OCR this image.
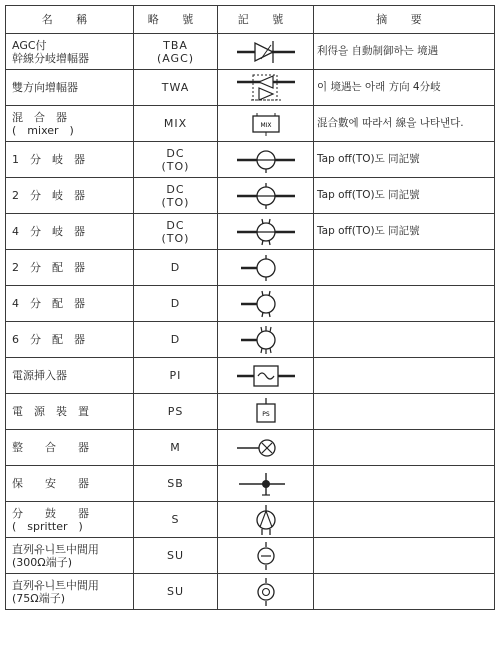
名 稱	略 號	記 號	摘 要

AGC付
幹線分岐增幅器	TBA
(AGC)		利得을 自動制御하는 境遇

雙方向增幅器	TWA		이 境遇는 아래 方向 4分岐

混　合　器
(　mixer　)	MIX	MIX	混合數에 따라서 線을 나타낸다.

1　分　岐　器	DC
(TO)		Tap off(TO)도 同記號

2　分　岐　器	DC
(TO)		Tap off(TO)도 同記號

4　分　岐　器	DC
(TO)		Tap off(TO)도 同記號

2　分　配　器	D

4　分　配　器	D

6　分　配　器	D

電源挿入器	PI

電　源　裝　置	PS	PS	

整　　合　　器	M

保　　安　　器	SB

分　　鼓　　器
(　spritter　)	S

直列유니트中間用
(300Ω端子)	SU

直列유니트中間用
(75Ω端子)	SU
